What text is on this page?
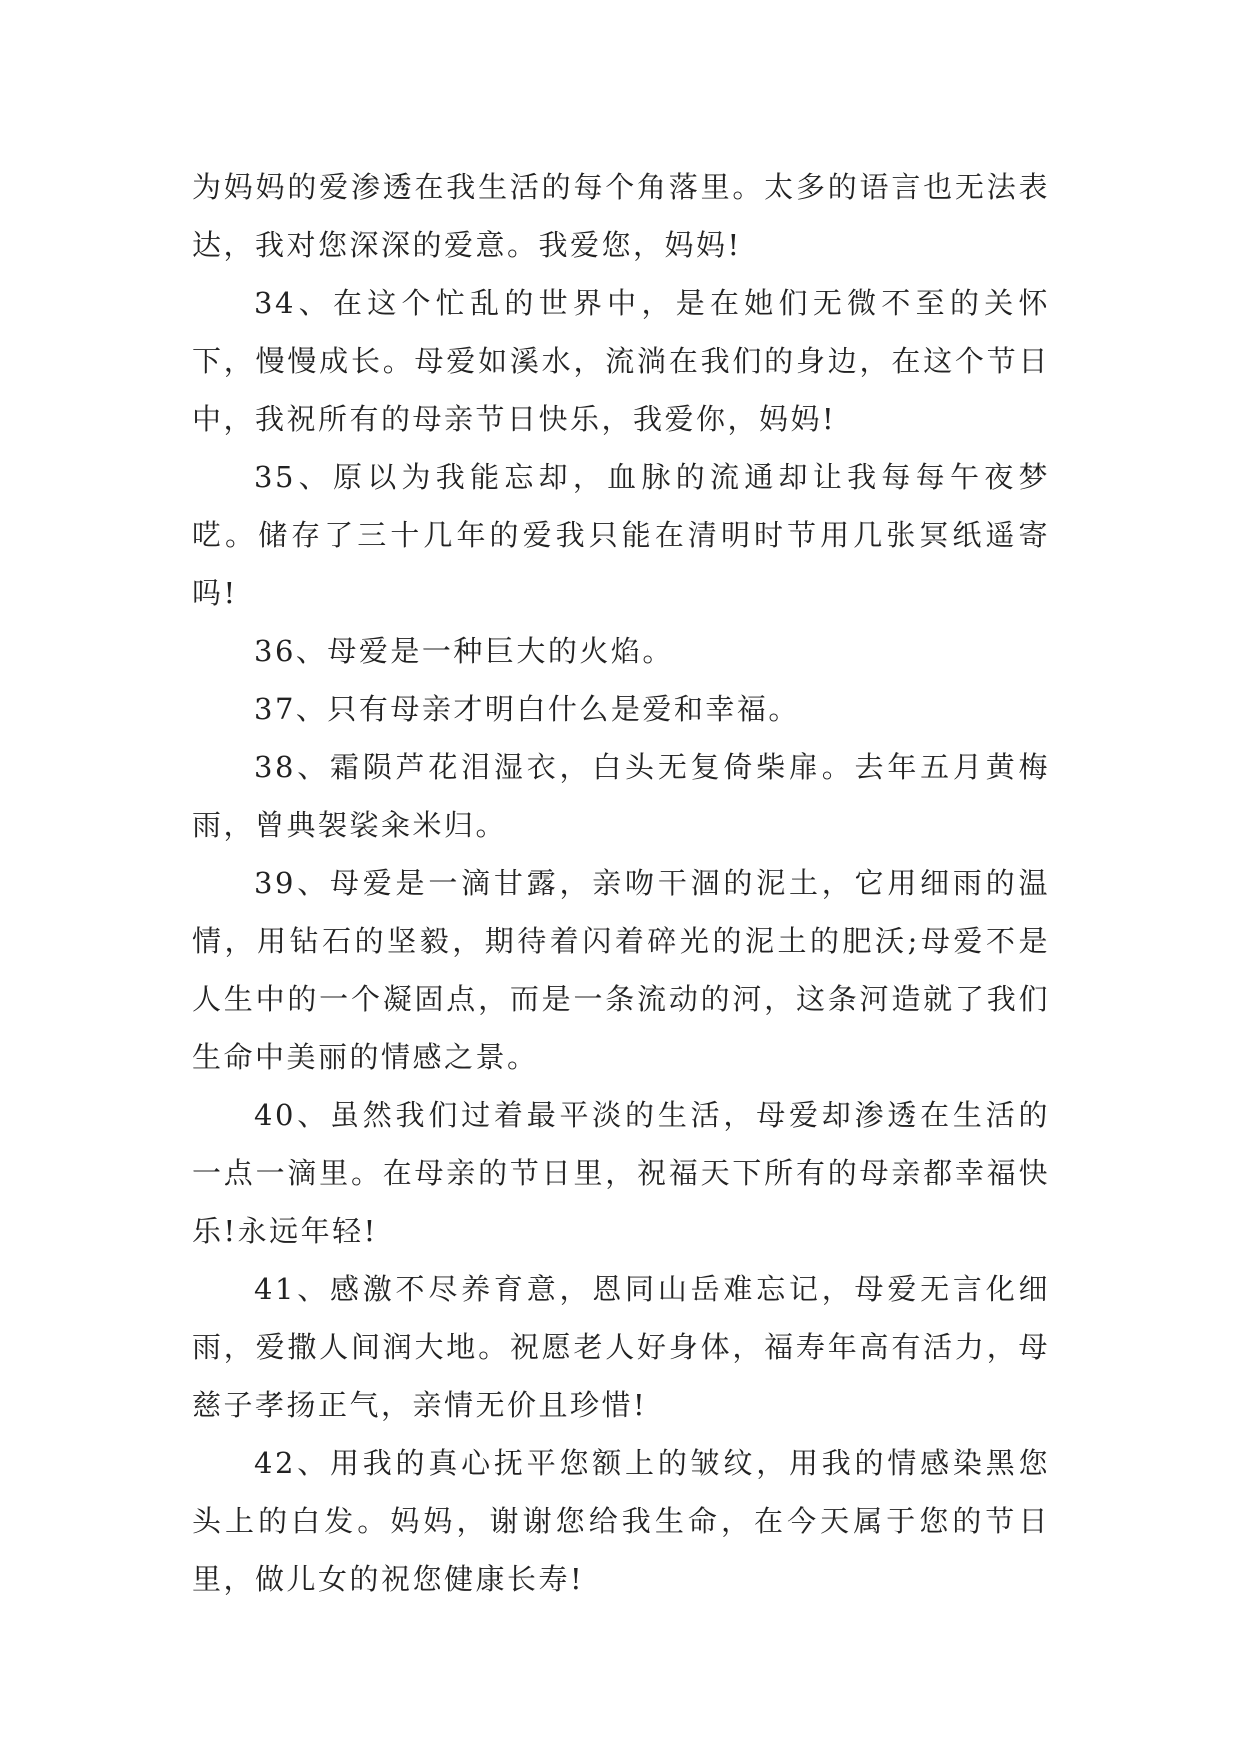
为妈妈的爱渗透在我生活的每个角落里。太多的语言也无法表达，我对您深深的爱意。我爱您，妈妈!

34、在这个忙乱的世界中，是在她们无微不至的关怀下，慢慢成长。母爱如溪水，流淌在我们的身边，在这个节日中，我祝所有的母亲节日快乐，我爱你，妈妈!

35、原以为我能忘却，血脉的流通却让我每每午夜梦呓。储存了三十几年的爱我只能在清明时节用几张冥纸遥寄吗!

36、母爱是一种巨大的火焰。

37、只有母亲才明白什么是爱和幸福。

38、霜陨芦花泪湿衣，白头无复倚柴扉。去年五月黄梅雨，曾典袈裟籴米归。

39、母爱是一滴甘露，亲吻干涸的泥土，它用细雨的温情，用钻石的坚毅，期待着闪着碎光的泥土的肥沃;母爱不是人生中的一个凝固点，而是一条流动的河，这条河造就了我们生命中美丽的情感之景。

40、虽然我们过着最平淡的生活，母爱却渗透在生活的一点一滴里。在母亲的节日里，祝福天下所有的母亲都幸福快乐!永远年轻!

41、感激不尽养育意，恩同山岳难忘记，母爱无言化细雨，爱撒人间润大地。祝愿老人好身体，福寿年高有活力，母慈子孝扬正气，亲情无价且珍惜!

42、用我的真心抚平您额上的皱纹，用我的情感染黑您头上的白发。妈妈，谢谢您给我生命，在今天属于您的节日里，做儿女的祝您健康长寿!
